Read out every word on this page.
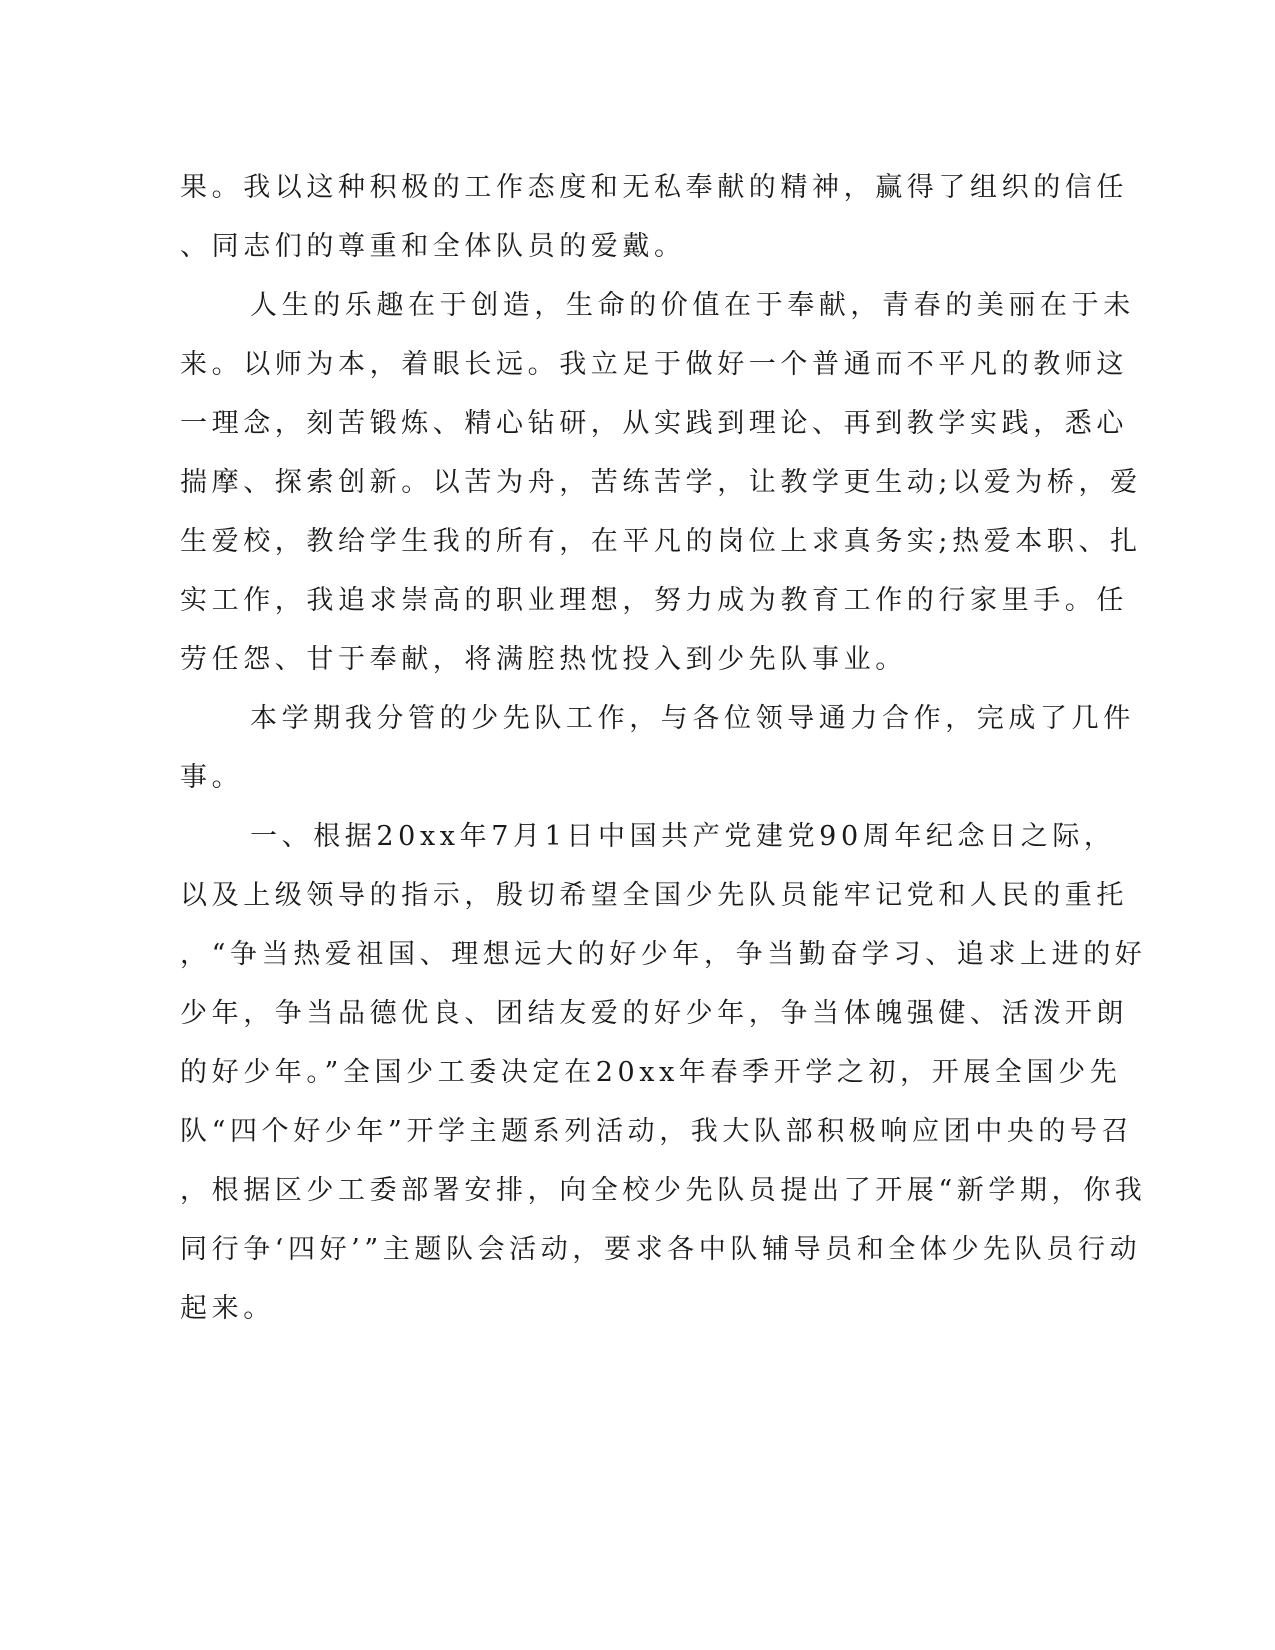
果。我以这种积极的工作态度和无私奉献的精神，赢得了组织的信任
、同志们的尊重和全体队员的爱戴。
人生的乐趣在于创造，生命的价值在于奉献，青春的美丽在于未
来。以师为本，着眼长远。我立足于做好一个普通而不平凡的教师这
一理念，刻苦锻炼、精心钻研，从实践到理论、再到教学实践，悉心
揣摩、探索创新。以苦为舟，苦练苦学，让教学更生动;以爱为桥，爱
生爱校，教给学生我的所有，在平凡的岗位上求真务实;热爱本职、扎
实工作，我追求崇高的职业理想，努力成为教育工作的行家里手。任
劳任怨、甘于奉献，将满腔热忱投入到少先队事业。
本学期我分管的少先队工作，与各位领导通力合作，完成了几件
事。
一、根据20xx年7月1日中国共产党建党90周年纪念日之际，
以及上级领导的指示，殷切希望全国少先队员能牢记党和人民的重托
，“争当热爱祖国、理想远大的好少年，争当勤奋学习、追求上进的好
少年，争当品德优良、团结友爱的好少年，争当体魄强健、活泼开朗
的好少年。”全国少工委决定在20xx年春季开学之初，开展全国少先
队“四个好少年”开学主题系列活动，我大队部积极响应团中央的号召
，根据区少工委部署安排，向全校少先队员提出了开展“新学期，你我
同行争‘四好’”主题队会活动，要求各中队辅导员和全体少先队员行动
起来。
